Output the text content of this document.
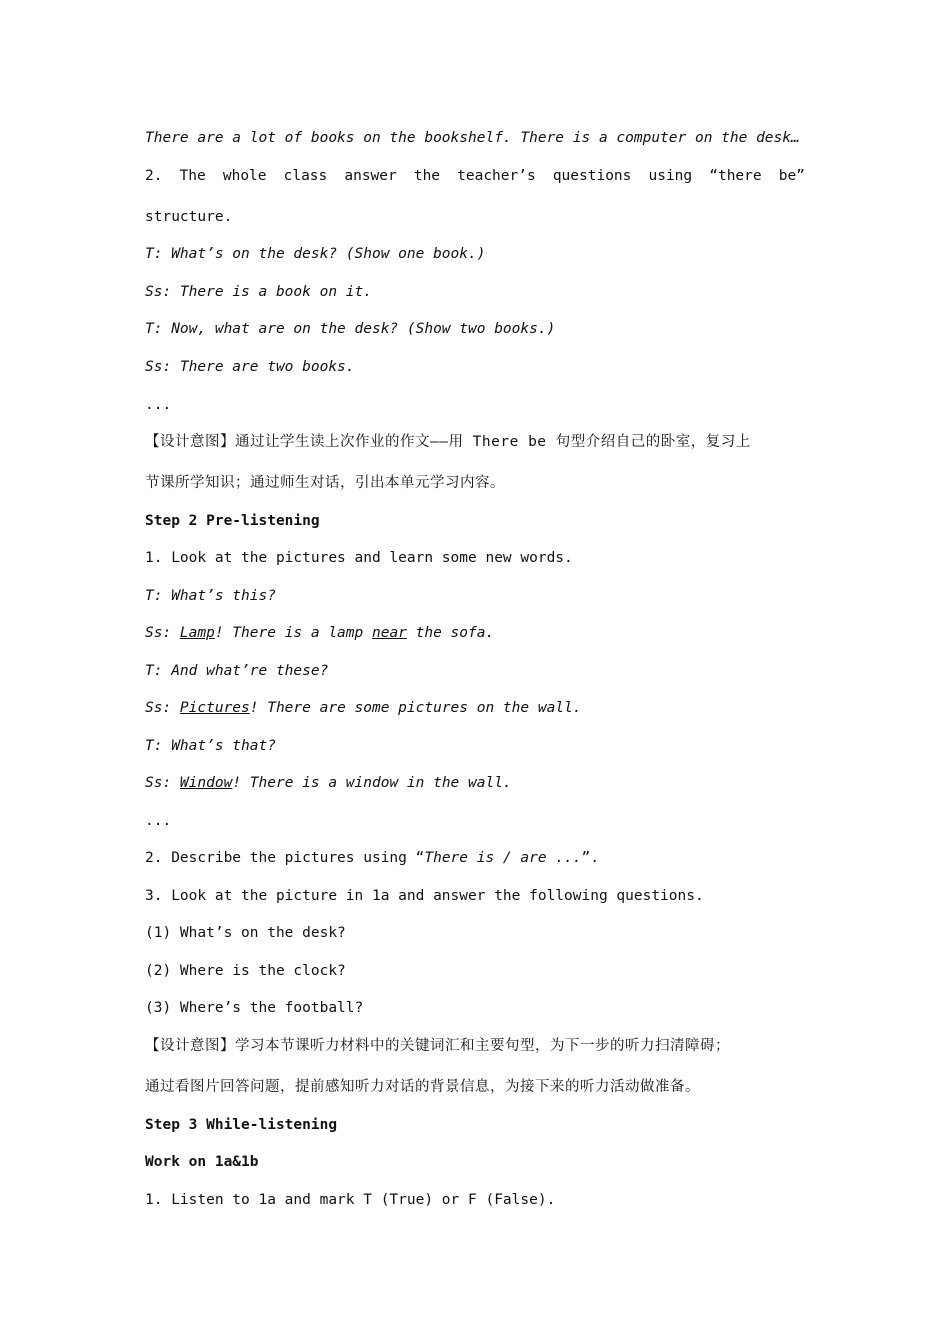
There are a lot of books on the bookshelf. There is a computer on the desk…
2. The whole class answer the teacher’s questions using “there be”
structure.
T: What’s on the desk? (Show one book.)
Ss: There is a book on it.
T: Now, what are on the desk? (Show two books.)
Ss: There are two books.
...
【设计意图】通过让学生读上次作业的作文——用 There be 句型介绍自己的卧室，复习上
节课所学知识；通过师生对话，引出本单元学习内容。
Step 2 Pre-listening
1. Look at the pictures and learn some new words.
T: What’s this?
Ss: Lamp! There is a lamp near the sofa.
T: And what’re these?
Ss: Pictures! There are some pictures on the wall.
T: What’s that?
Ss: Window! There is a window in the wall.
...
2. Describe the pictures using “There is / are ...”.
3. Look at the picture in 1a and answer the following questions.
(1) What’s on the desk?
(2) Where is the clock?
(3) Where’s the football?
【设计意图】学习本节课听力材料中的关键词汇和主要句型，为下一步的听力扫清障碍；
通过看图片回答问题，提前感知听力对话的背景信息，为接下来的听力活动做准备。
Step 3 While-listening
Work on 1a&1b
1. Listen to 1a and mark T (True) or F (False).
